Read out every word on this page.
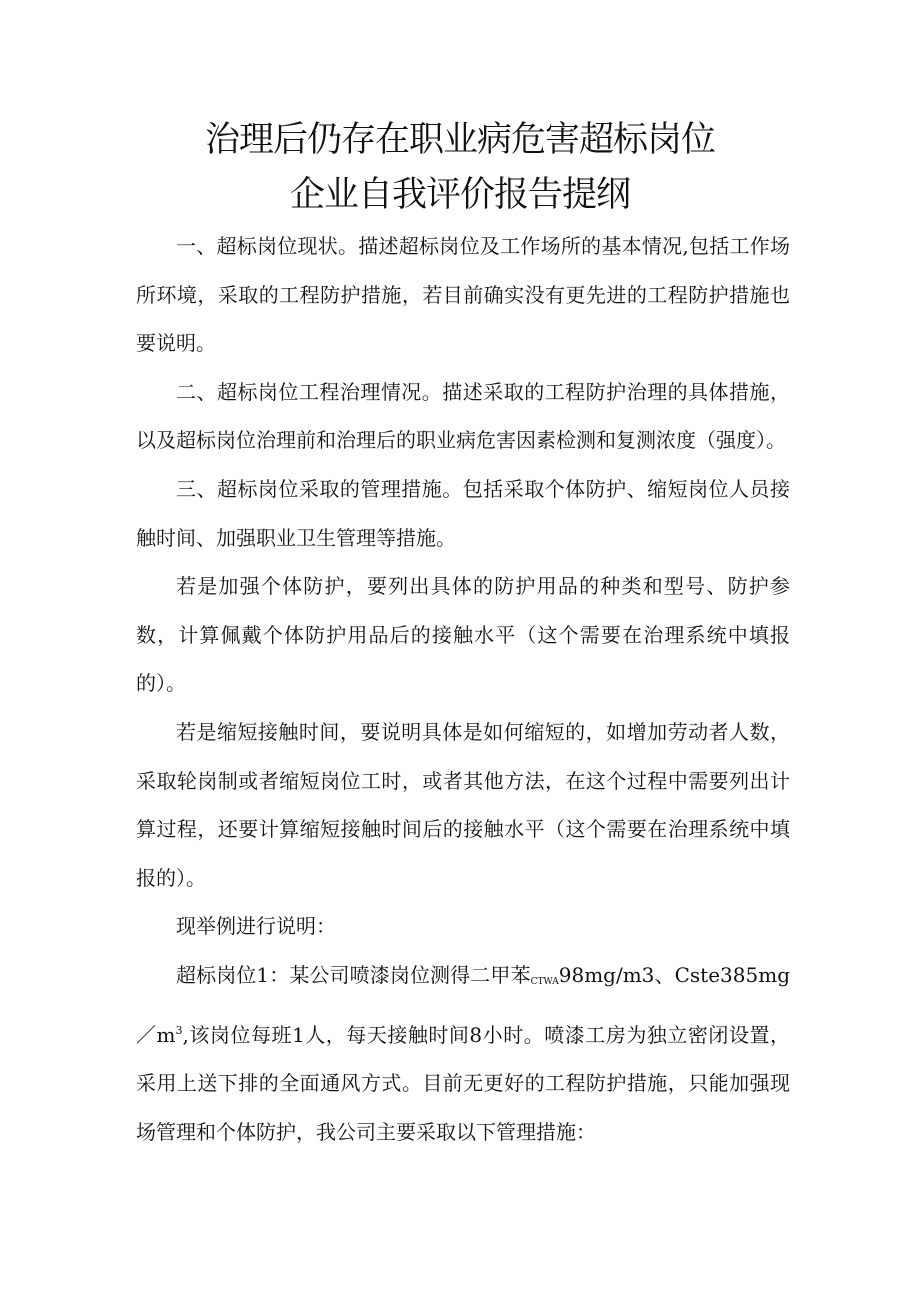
治理后仍存在职业病危害超标岗位
企业自我评价报告提纲

一、超标岗位现状。描述超标岗位及工作场所的基本情况,包括工作场所环境，采取的工程防护措施，若目前确实没有更先进的工程防护措施也要说明。

二、超标岗位工程治理情况。描述采取的工程防护治理的具体措施，以及超标岗位治理前和治理后的职业病危害因素检测和复测浓度（强度）。

三、超标岗位采取的管理措施。包括采取个体防护、缩短岗位人员接触时间、加强职业卫生管理等措施。

若是加强个体防护，要列出具体的防护用品的种类和型号、防护参数，计算佩戴个体防护用品后的接触水平（这个需要在治理系统中填报的）。

若是缩短接触时间，要说明具体是如何缩短的，如增加劳动者人数，采取轮岗制或者缩短岗位工时，或者其他方法，在这个过程中需要列出计算过程，还要计算缩短接触时间后的接触水平（这个需要在治理系统中填报的）。

现举例进行说明：

超标岗位1：某公司喷漆岗位测得二甲苯$_{CTWA}$98mg/m3、$Cste385mg/m^3$,该岗位每班1人，每天接触时间8小时。喷漆工房为独立密闭设置，采用上送下排的全面通风方式。目前无更好的工程防护措施，只能加强现场管理和个体防护，我公司主要采取以下管理措施：
